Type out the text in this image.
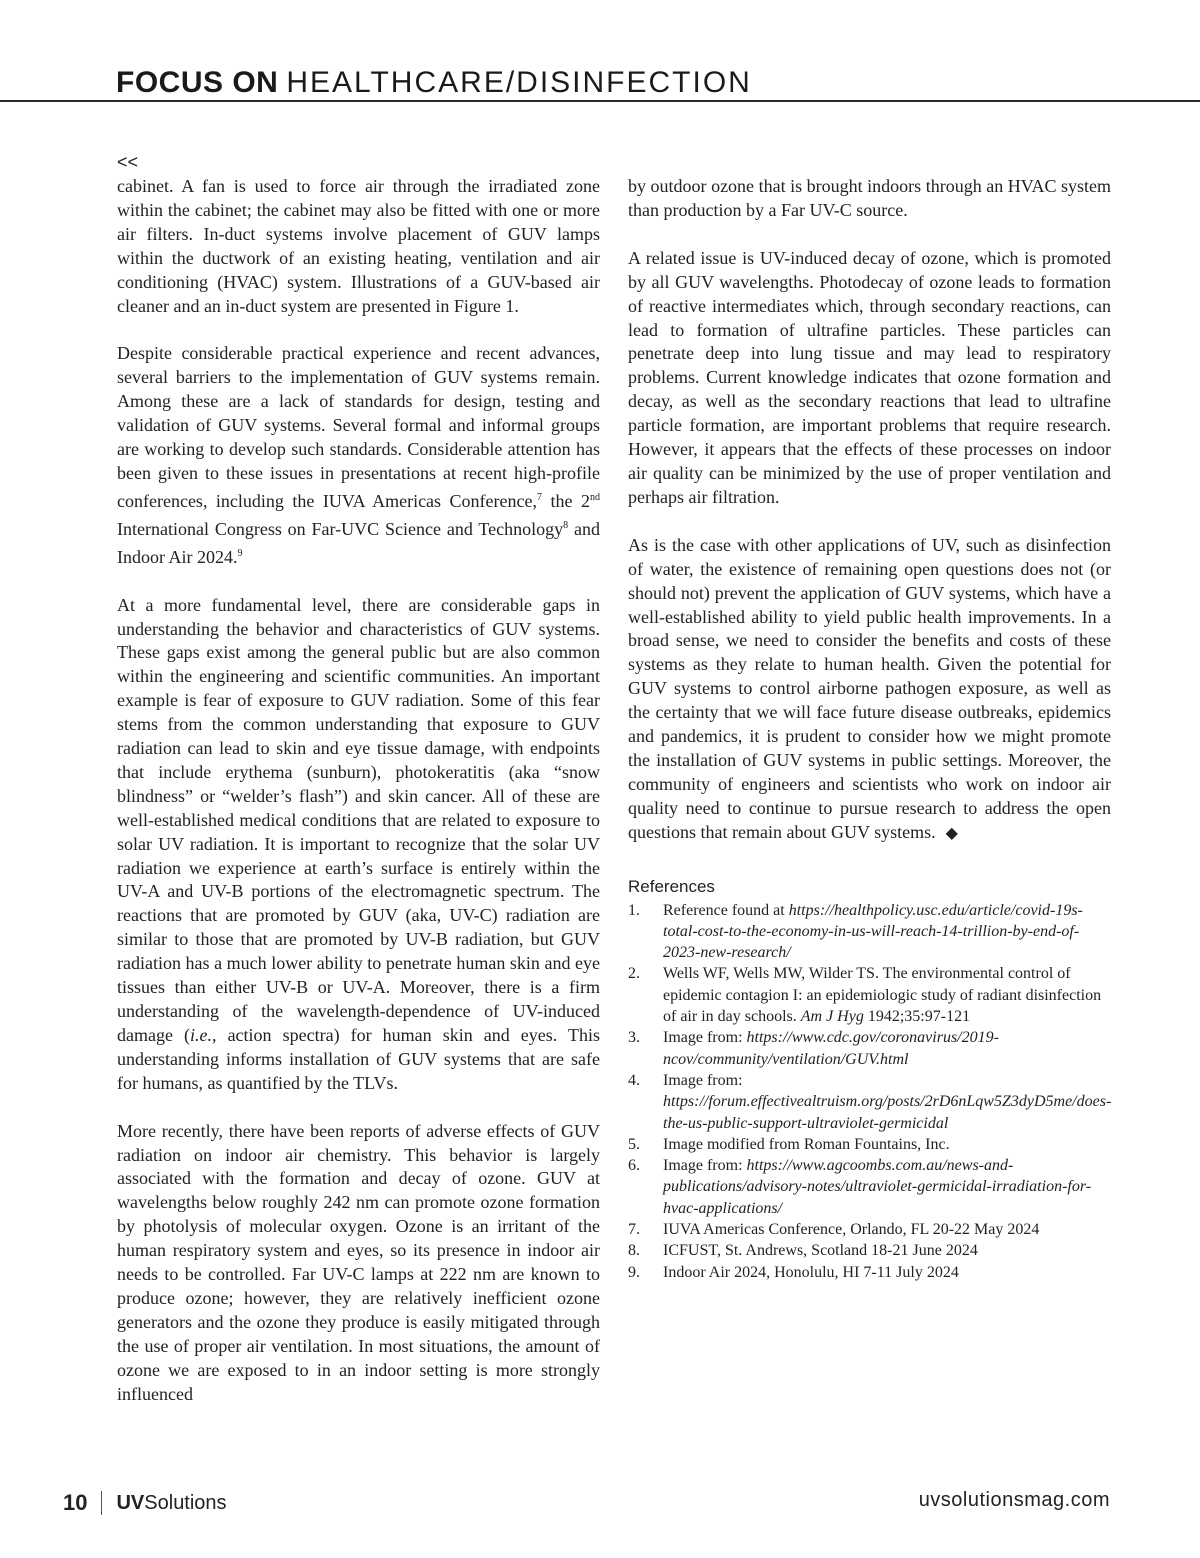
FOCUS ON HEALTHCARE/DISINFECTION
<<

cabinet. A fan is used to force air through the irradiated zone within the cabinet; the cabinet may also be fitted with one or more air filters. In-duct systems involve placement of GUV lamps within the ductwork of an existing heating, ventilation and air conditioning (HVAC) system. Illustrations of a GUV-based air cleaner and an in-duct system are presented in Figure 1.

Despite considerable practical experience and recent advances, several barriers to the implementation of GUV systems remain. Among these are a lack of standards for design, testing and validation of GUV systems. Several formal and informal groups are working to develop such standards. Considerable attention has been given to these issues in presentations at recent high-profile conferences, including the IUVA Americas Conference,$^7$ the 2nd International Congress on Far-UVC Science and Technology$^8$ and Indoor Air 2024.$^9$

At a more fundamental level, there are considerable gaps in understanding the behavior and characteristics of GUV systems. These gaps exist among the general public but are also common within the engineering and scientific communities. An important example is fear of exposure to GUV radiation. Some of this fear stems from the common understanding that exposure to GUV radiation can lead to skin and eye tissue damage, with endpoints that include erythema (sunburn), photokeratitis (aka “snow blindness” or “welder’s flash”) and skin cancer. All of these are well-established medical conditions that are related to exposure to solar UV radiation. It is important to recognize that the solar UV radiation we experience at earth’s surface is entirely within the UV-A and UV-B portions of the electromagnetic spectrum. The reactions that are promoted by GUV (aka, UV-C) radiation are similar to those that are promoted by UV-B radiation, but GUV radiation has a much lower ability to penetrate human skin and eye tissues than either UV-B or UV-A. Moreover, there is a firm understanding of the wavelength-dependence of UV-induced damage (i.e., action spectra) for human skin and eyes. This understanding informs installation of GUV systems that are safe for humans, as quantified by the TLVs.

More recently, there have been reports of adverse effects of GUV radiation on indoor air chemistry. This behavior is largely associated with the formation and decay of ozone. GUV at wavelengths below roughly 242 nm can promote ozone formation by photolysis of molecular oxygen. Ozone is an irritant of the human respiratory system and eyes, so its presence in indoor air needs to be controlled. Far UV-C lamps at 222 nm are known to produce ozone; however, they are relatively inefficient ozone generators and the ozone they produce is easily mitigated through the use of proper air ventilation. In most situations, the amount of ozone we are exposed to in an indoor setting is more strongly influenced

by outdoor ozone that is brought indoors through an HVAC system than production by a Far UV-C source.

A related issue is UV-induced decay of ozone, which is promoted by all GUV wavelengths. Photodecay of ozone leads to formation of reactive intermediates which, through secondary reactions, can lead to formation of ultrafine particles. These particles can penetrate deep into lung tissue and may lead to respiratory problems. Current knowledge indicates that ozone formation and decay, as well as the secondary reactions that lead to ultrafine particle formation, are important problems that require research. However, it appears that the effects of these processes on indoor air quality can be minimized by the use of proper ventilation and perhaps air filtration.

As is the case with other applications of UV, such as disinfection of water, the existence of remaining open questions does not (or should not) prevent the application of GUV systems, which have a well-established ability to yield public health improvements. In a broad sense, we need to consider the benefits and costs of these systems as they relate to human health. Given the potential for GUV systems to control airborne pathogen exposure, as well as the certainty that we will face future disease outbreaks, epidemics and pandemics, it is prudent to consider how we might promote the installation of GUV systems in public settings. Moreover, the community of engineers and scientists who work on indoor air quality need to continue to pursue research to address the open questions that remain about GUV systems. ◆

References
1. Reference found at https://healthpolicy.usc.edu/article/covid-19s-total-cost-to-the-economy-in-us-will-reach-14-trillion-by-end-of-2023-new-research/
2. Wells WF, Wells MW, Wilder TS. The environmental control of epidemic contagion I: an epidemiologic study of radiant disinfection of air in day schools. Am J Hyg 1942;35:97-121
3. Image from: https://www.cdc.gov/coronavirus/2019-ncov/community/ventilation/GUV.html
4. Image from: https://forum.effectivealtruism.org/posts/2rD6nLqw5Z3dyD5me/does-the-us-public-support-ultraviolet-germicidal
5. Image modified from Roman Fountains, Inc.
6. Image from: https://www.agcoombs.com.au/news-and-publications/advisory-notes/ultraviolet-germicidal-irradiation-for-hvac-applications/
7. IUVA Americas Conference, Orlando, FL 20-22 May 2024
8. ICFUST, St. Andrews, Scotland 18-21 June 2024
9. Indoor Air 2024, Honolulu, HI 7-11 July 2024
10 UVSolutions	uvsolutionsmag.com
